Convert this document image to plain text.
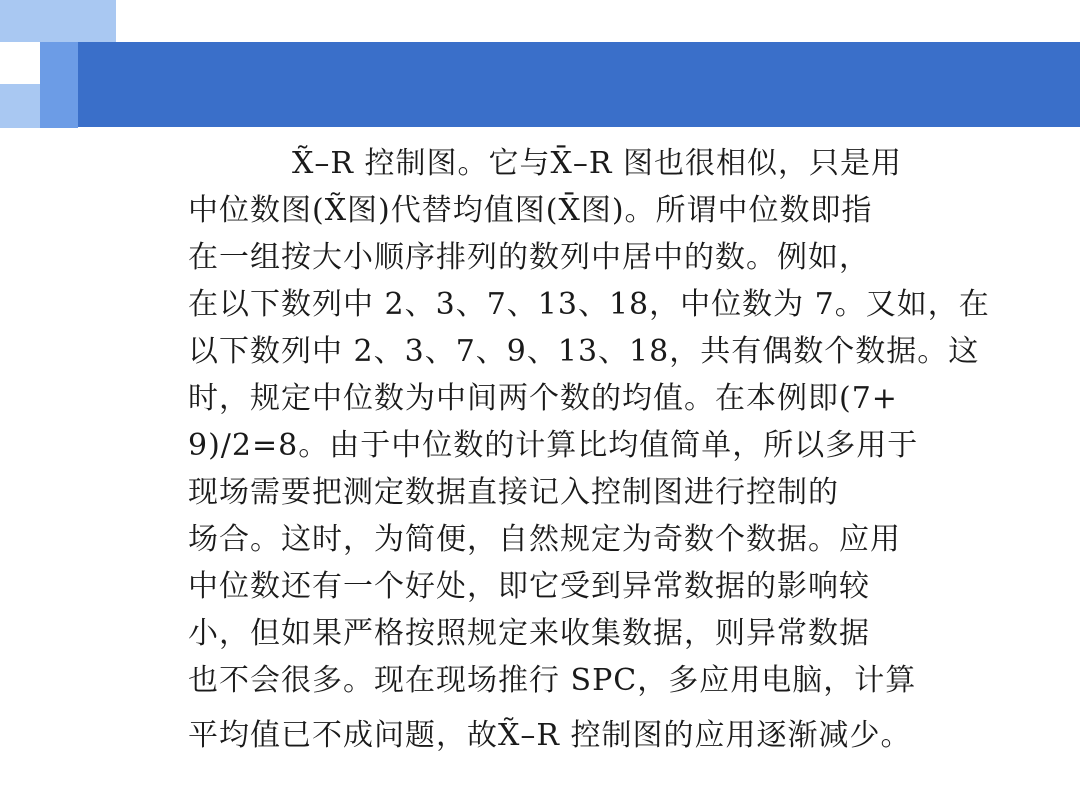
X̃–R 控制图。它与X̄–R 图也很相似，只是用
中位数图(X̃图)代替均值图(X̄图)。所谓中位数即指
在一组按大小顺序排列的数列中居中的数。例如，
在以下数列中 2、3、7、13、18，中位数为 7。又如，在
以下数列中 2、3、7、9、13、18，共有偶数个数据。这
时，规定中位数为中间两个数的均值。在本例即(7+
9)/2=8。由于中位数的计算比均值简单，所以多用于
现场需要把测定数据直接记入控制图进行控制的
场合。这时，为简便，自然规定为奇数个数据。应用
中位数还有一个好处，即它受到异常数据的影响较
小，但如果严格按照规定来收集数据，则异常数据
也不会很多。现在现场推行 SPC，多应用电脑，计算
平均值已不成问题，故X̃–R 控制图的应用逐渐减少。
